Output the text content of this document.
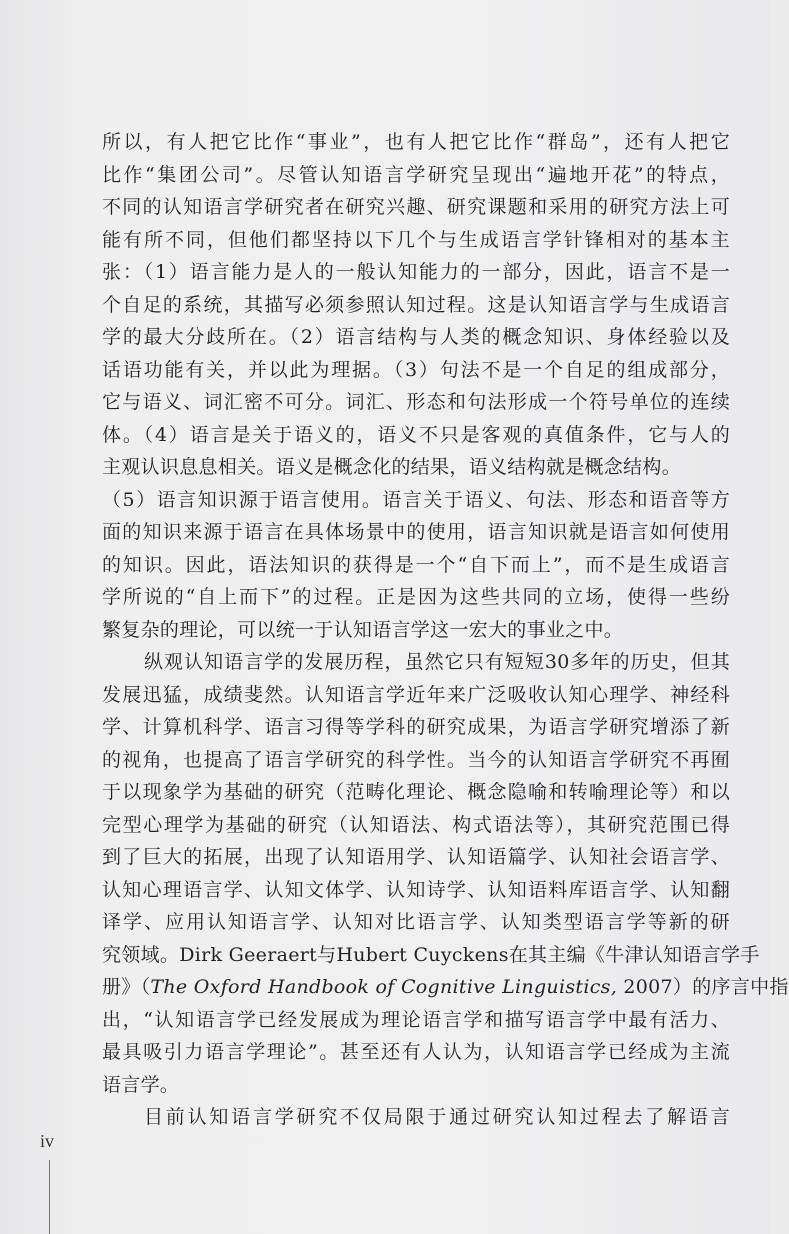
所以，有人把它比作“事业”，也有人把它比作“群岛”，还有人把它
比作“集团公司”。尽管认知语言学研究呈现出“遍地开花”的特点，
不同的认知语言学研究者在研究兴趣、研究课题和采用的研究方法上可
能有所不同，但他们都坚持以下几个与生成语言学针锋相对的基本主
张：（1）语言能力是人的一般认知能力的一部分，因此，语言不是一
个自足的系统，其描写必须参照认知过程。这是认知语言学与生成语言
学的最大分歧所在。（2）语言结构与人类的概念知识、身体经验以及
话语功能有关，并以此为理据。（3）句法不是一个自足的组成部分，
它与语义、词汇密不可分。词汇、形态和句法形成一个符号单位的连续
体。（4）语言是关于语义的，语义不只是客观的真值条件，它与人的
主观认识息息相关。语义是概念化的结果，语义结构就是概念结构。
（5）语言知识源于语言使用。语言关于语义、句法、形态和语音等方
面的知识来源于语言在具体场景中的使用，语言知识就是语言如何使用
的知识。因此，语法知识的获得是一个“自下而上”，而不是生成语言
学所说的“自上而下”的过程。正是因为这些共同的立场，使得一些纷
繁复杂的理论，可以统一于认知语言学这一宏大的事业之中。
纵观认知语言学的发展历程，虽然它只有短短30多年的历史，但其
发展迅猛，成绩斐然。认知语言学近年来广泛吸收认知心理学、神经科
学、计算机科学、语言习得等学科的研究成果，为语言学研究增添了新
的视角，也提高了语言学研究的科学性。当今的认知语言学研究不再囿
于以现象学为基础的研究（范畴化理论、概念隐喻和转喻理论等）和以
完型心理学为基础的研究（认知语法、构式语法等），其研究范围已得
到了巨大的拓展，出现了认知语用学、认知语篇学、认知社会语言学、
认知心理语言学、认知文体学、认知诗学、认知语料库语言学、认知翻
译学、应用认知语言学、认知对比语言学、认知类型语言学等新的研
究领域。Dirk Geeraert与Hubert Cuyckens在其主编《牛津认知语言学手
册》（The Oxford Handbook of Cognitive Linguistics, 2007）的序言中指
出，“认知语言学已经发展成为理论语言学和描写语言学中最有活力、
最具吸引力语言学理论”。甚至还有人认为，认知语言学已经成为主流
语言学。
目前认知语言学研究不仅局限于通过研究认知过程去了解语言
iv
